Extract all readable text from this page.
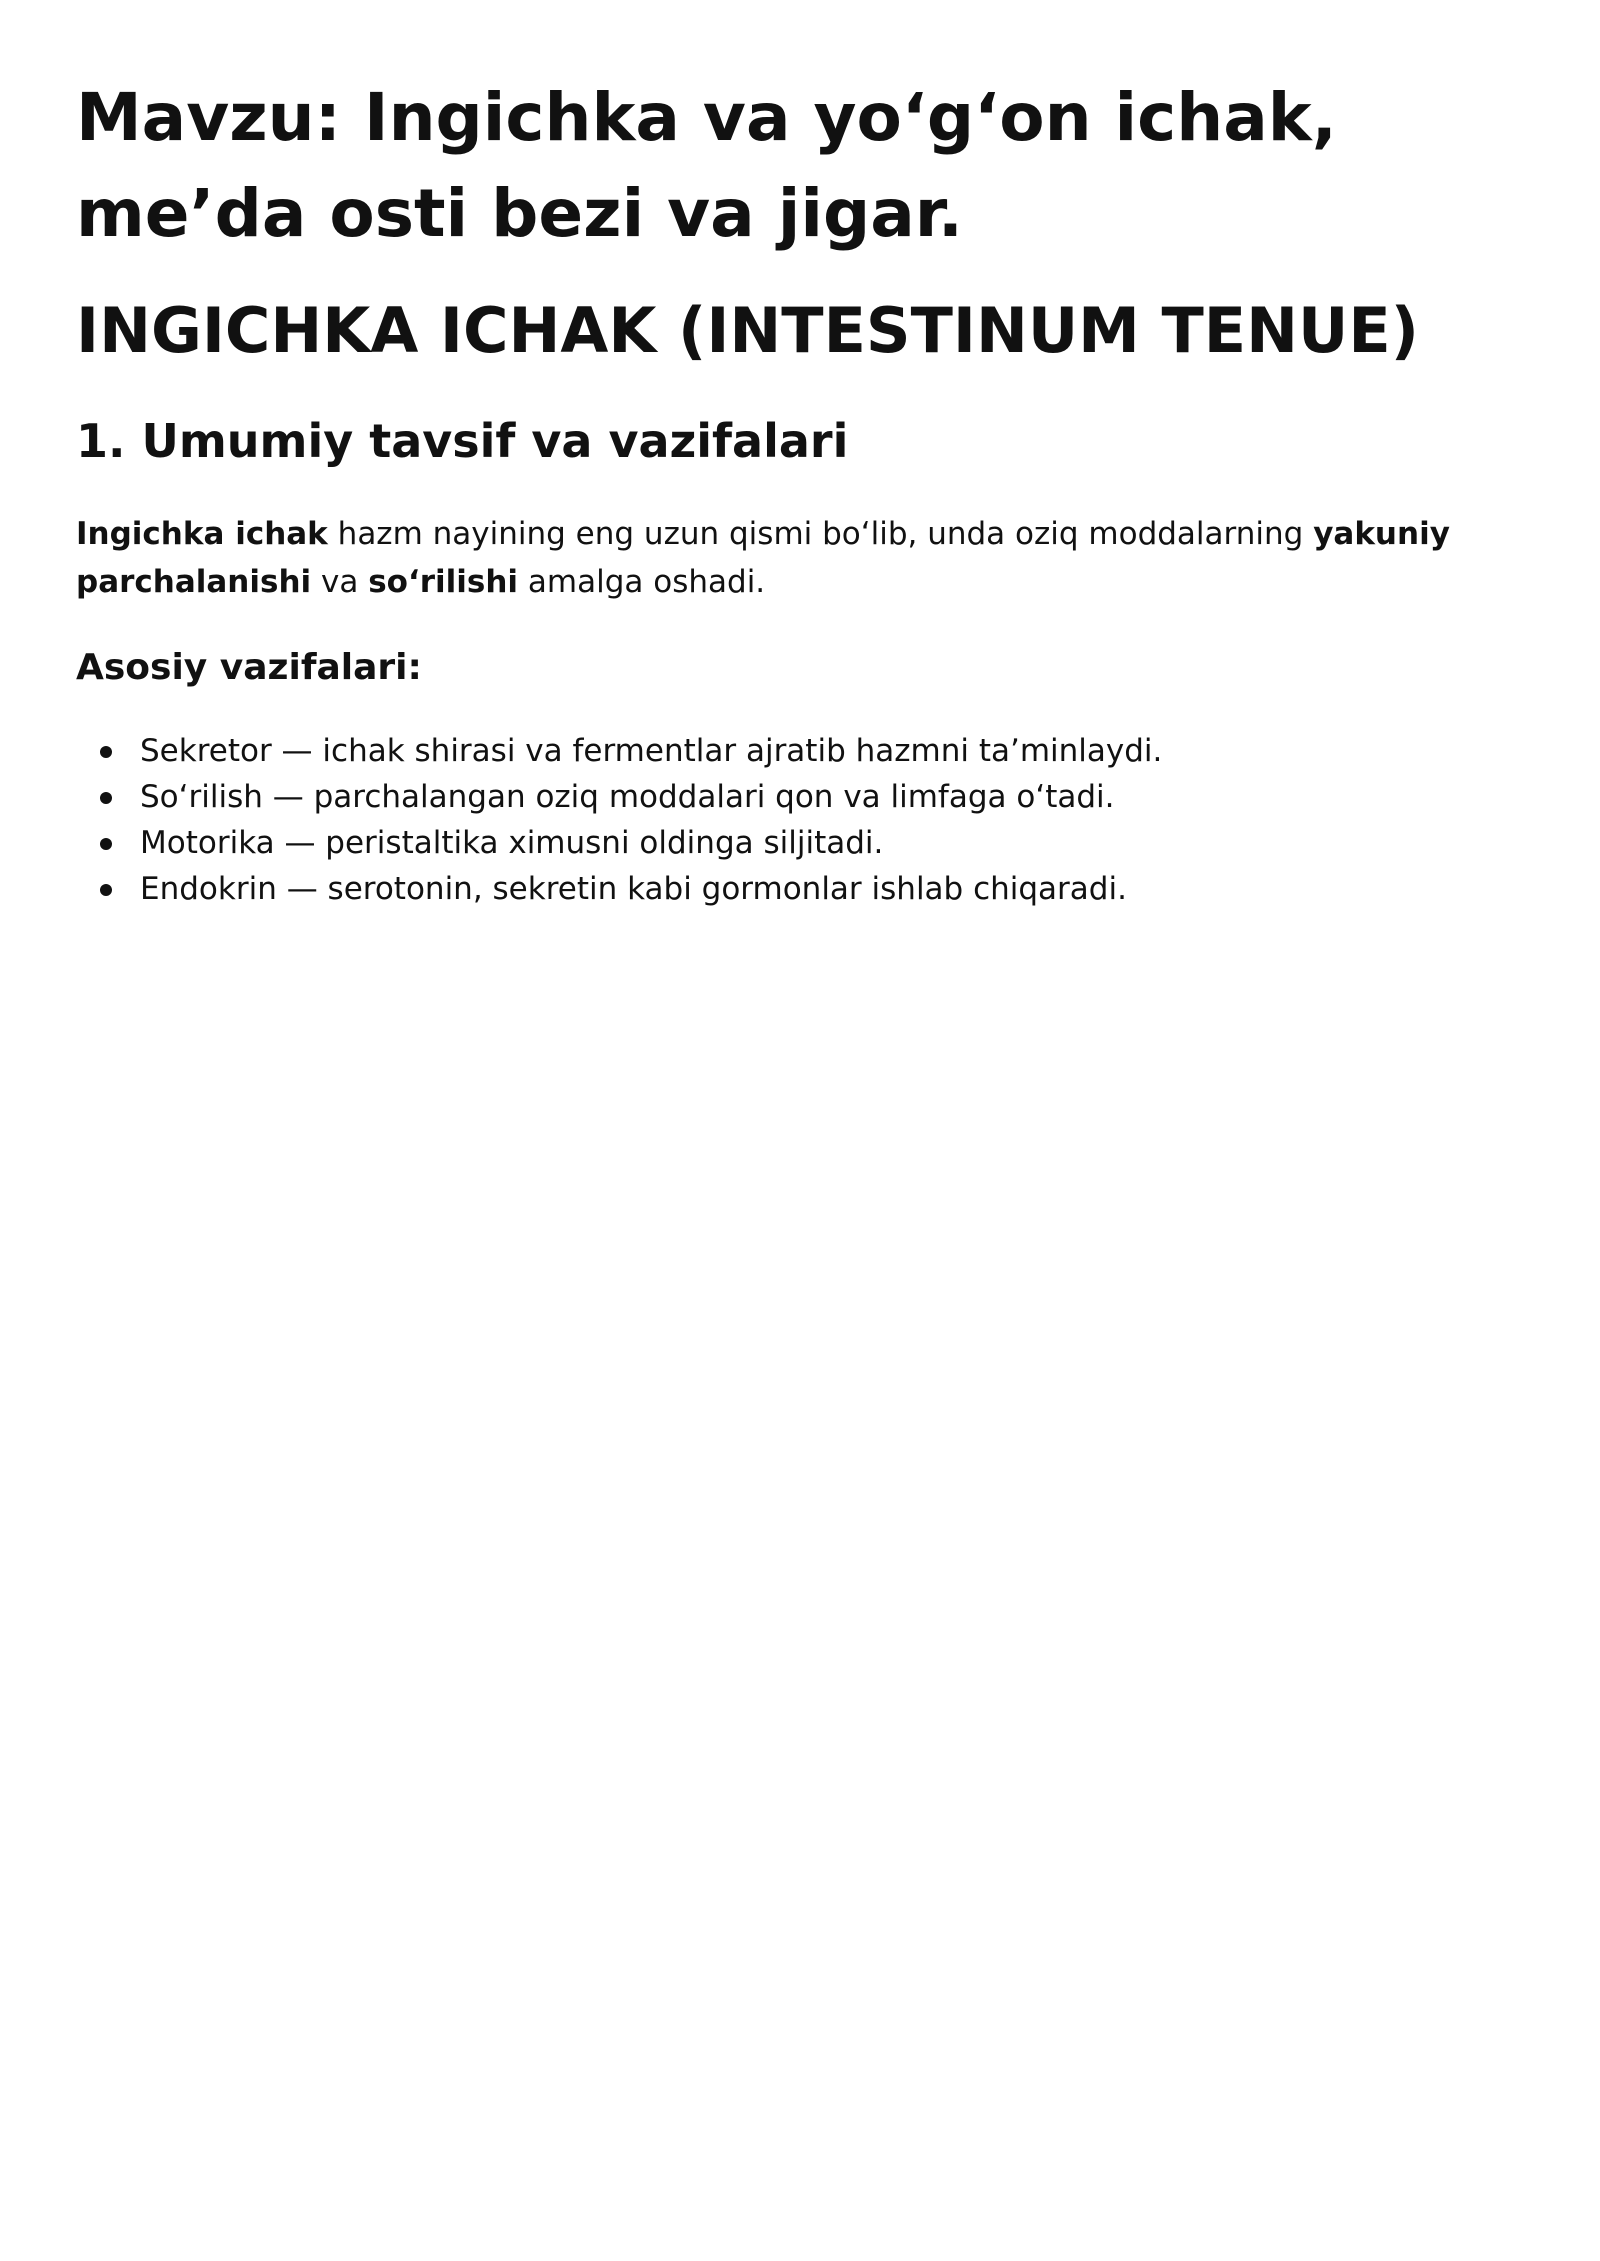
Mavzu: Ingichka va yo‘g‘on ichak, me’da osti bezi va jigar.
INGICHKA ICHAK (INTESTINUM TENUE)
1. Umumiy tavsif va vazifalari

Ingichka ichak hazm nayining eng uzun qismi bo‘lib, unda oziq moddalarning yakuniy parchalanishi va so‘rilishi amalga oshadi.

Asosiy vazifalari:
Sekretor — ichak shirasi va fermentlar ajratib hazmni ta’minlaydi.
So‘rilish — parchalangan oziq moddalari qon va limfaga o‘tadi.
Motorika — peristaltika ximusni oldinga siljitadi.
Endokrin — serotonin, sekretin kabi gormonlar ishlab chiqaradi.
